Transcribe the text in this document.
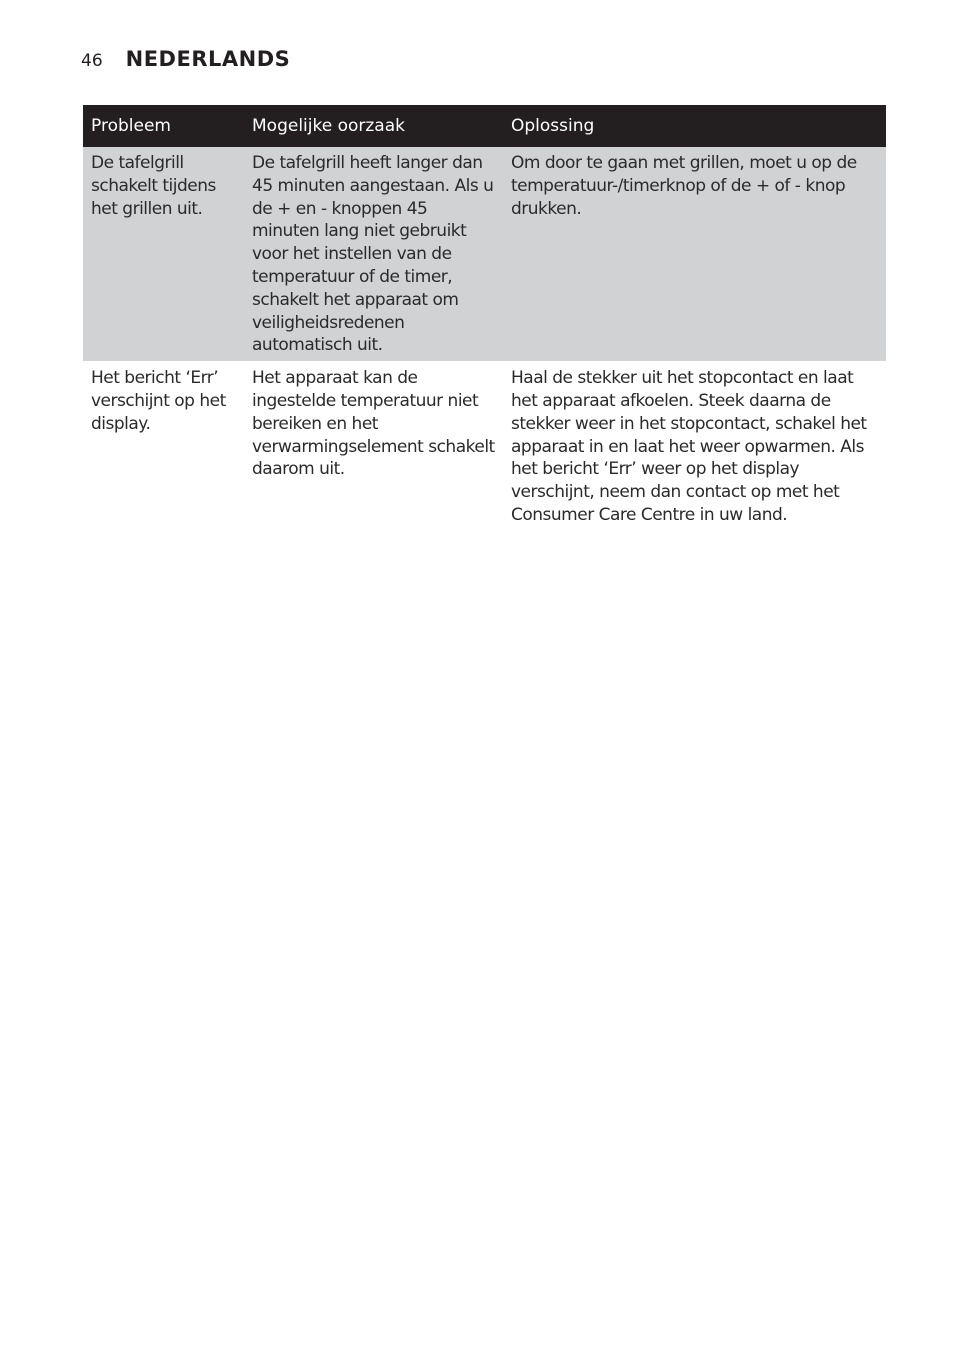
46 NEDERLANDS
Probleem	Mogelijke oorzaak	Oplossing
De tafelgrill schakelt tijdens het grillen uit.	De tafelgrill heeft langer dan 45 minuten aangestaan. Als u de + en - knoppen 45 minuten lang niet gebruikt voor het instellen van de temperatuur of de timer, schakelt het apparaat om veiligheidsredenen automatisch uit.	Om door te gaan met grillen, moet u op de temperatuur-/timerknop of de + of - knop drukken.
Het bericht ‘Err’ verschijnt op het display.	Het apparaat kan de ingestelde temperatuur niet bereiken en het verwarmingselement schakelt daarom uit.	Haal de stekker uit het stopcontact en laat het apparaat afkoelen. Steek daarna de stekker weer in het stopcontact, schakel het apparaat in en laat het weer opwarmen. Als het bericht ‘Err’ weer op het display verschijnt, neem dan contact op met het Consumer Care Centre in uw land.
